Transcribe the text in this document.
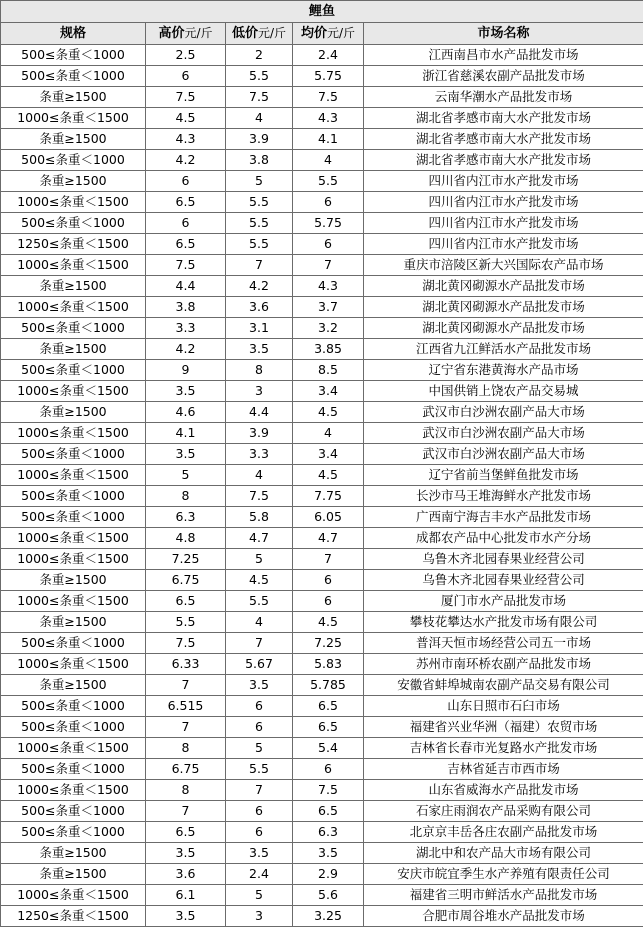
鲤鱼				
规格	高价元/斤	低价元/斤	均价元/斤	市场名称
500≤条重＜1000	2.5	2	2.4	江西南昌市水产品批发市场
500≤条重＜1000	6	5.5	5.75	浙江省慈溪农副产品批发市场
条重≥1500	7.5	7.5	7.5	云南华潮水产品批发市场
1000≤条重＜1500	4.5	4	4.3	湖北省孝感市南大水产批发市场
条重≥1500	4.3	3.9	4.1	湖北省孝感市南大水产批发市场
500≤条重＜1000	4.2	3.8	4	湖北省孝感市南大水产批发市场
条重≥1500	6	5	5.5	四川省内江市水产批发市场
1000≤条重＜1500	6.5	5.5	6	四川省内江市水产批发市场
500≤条重＜1000	6	5.5	5.75	四川省内江市水产批发市场
1250≤条重＜1500	6.5	5.5	6	四川省内江市水产批发市场
1000≤条重＜1500	7.5	7	7	重庆市涪陵区新大兴国际农产品市场
条重≥1500	4.4	4.2	4.3	湖北黄冈砌源水产品批发市场
1000≤条重＜1500	3.8	3.6	3.7	湖北黄冈砌源水产品批发市场
500≤条重＜1000	3.3	3.1	3.2	湖北黄冈砌源水产品批发市场
条重≥1500	4.2	3.5	3.85	江西省九江鲜活水产品批发市场
500≤条重＜1000	9	8	8.5	辽宁省东港黄海水产品市场
1000≤条重＜1500	3.5	3	3.4	中国供销上饶农产品交易城
条重≥1500	4.6	4.4	4.5	武汉市白沙洲农副产品大市场
1000≤条重＜1500	4.1	3.9	4	武汉市白沙洲农副产品大市场
500≤条重＜1000	3.5	3.3	3.4	武汉市白沙洲农副产品大市场
1000≤条重＜1500	5	4	4.5	辽宁省前当堡鲜鱼批发市场
500≤条重＜1000	8	7.5	7.75	长沙市马王堆海鲜水产批发市场
500≤条重＜1000	6.3	5.8	6.05	广西南宁海吉丰水产品批发市场
1000≤条重＜1500	4.8	4.7	4.7	成都农产品中心批发市水产分场
1000≤条重＜1500	7.25	5	7	乌鲁木齐北园春果业经营公司
条重≥1500	6.75	4.5	6	乌鲁木齐北园春果业经营公司
1000≤条重＜1500	6.5	5.5	6	厦门市水产品批发市场
条重≥1500	5.5	4	4.5	攀枝花攀达水产批发市场有限公司
500≤条重＜1000	7.5	7	7.25	普洱天恒市场经营公司五一市场
1000≤条重＜1500	6.33	5.67	5.83	苏州市南环桥农副产品批发市场
条重≥1500	7	3.5	5.785	安徽省蚌埠城南农副产品交易有限公司
500≤条重＜1000	6.515	6	6.5	山东日照市石臼市场
500≤条重＜1000	7	6	6.5	福建省兴业华洲（福建）农贸市场
1000≤条重＜1500	8	5	5.4	吉林省长春市光复路水产批发市场
500≤条重＜1000	6.75	5.5	6	吉林省延吉市西市场
1000≤条重＜1500	8	7	7.5	山东省威海水产品批发市场
500≤条重＜1000	7	6	6.5	石家庄雨润农产品采购有限公司
500≤条重＜1000	6.5	6	6.3	北京京丰岳各庄农副产品批发市场
条重≥1500	3.5	3.5	3.5	湖北中和农产品大市场有限公司
条重≥1500	3.6	2.4	2.9	安庆市皖宜季生水产养殖有限责任公司
1000≤条重＜1500	6.1	5	5.6	福建省三明市鲜活水产品批发市场
1250≤条重＜1500	3.5	3	3.25	合肥市周谷堆水产品批发市场
